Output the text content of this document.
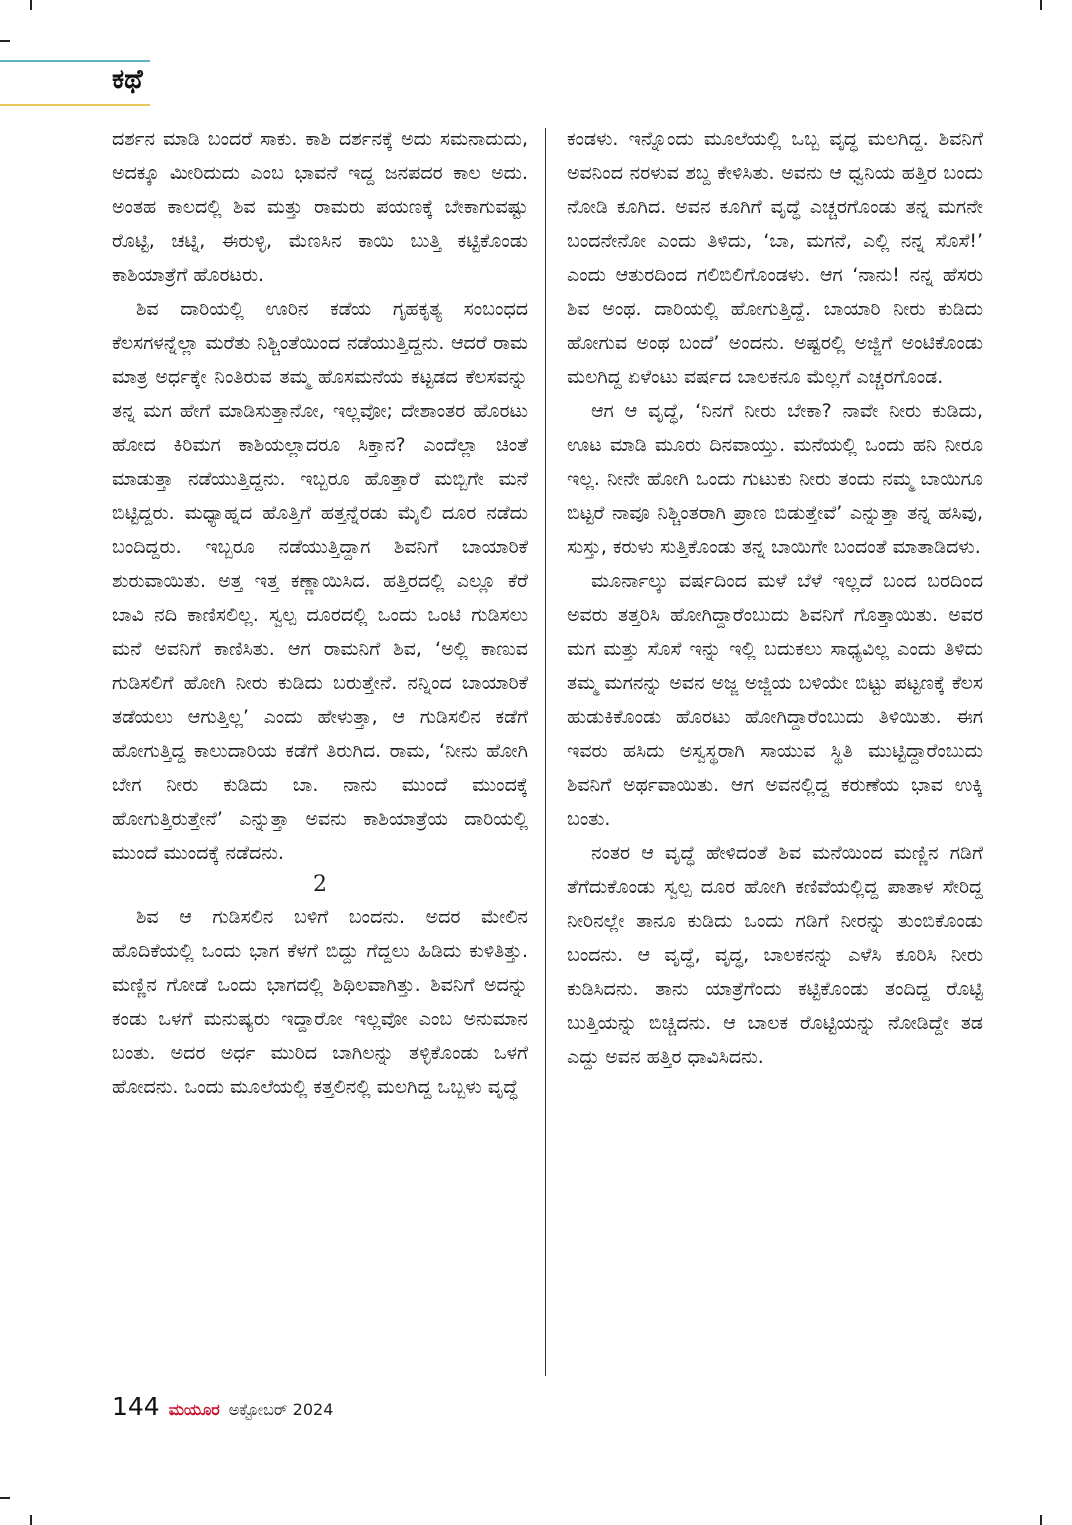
ಕಥೆ

ದರ್ಶನ ಮಾಡಿ ಬಂದರೆ ಸಾಕು. ಕಾಶಿ ದರ್ಶನಕ್ಕೆ ಅದು ಸಮನಾದುದು, ಅದಕ್ಕೂ ಮೀರಿದುದು ಎಂಬ ಭಾವನೆ ಇದ್ದ ಜನಪದರ ಕಾಲ ಅದು. ಅಂತಹ ಕಾಲದಲ್ಲಿ ಶಿವ ಮತ್ತು ರಾಮರು ಪಯಣಕ್ಕೆ ಬೇಕಾಗುವಷ್ಟು ರೊಟ್ಟಿ, ಚಟ್ನಿ, ಈರುಳ್ಳಿ, ಮೆಣಸಿನ ಕಾಯಿ ಬುತ್ತಿ ಕಟ್ಟಿಕೊಂಡು ಕಾಶಿಯಾತ್ರೆಗೆ ಹೊರಟರು.

ಶಿವ ದಾರಿಯಲ್ಲಿ ಊರಿನ ಕಡೆಯ ಗೃಹಕೃತ್ಯ ಸಂಬಂಧದ ಕೆಲಸಗಳನ್ನೆಲ್ಲಾ ಮರೆತು ನಿಶ್ಚಿಂತೆಯಿಂದ ನಡೆಯುತ್ತಿದ್ದನು. ಆದರೆ ರಾಮ ಮಾತ್ರ ಅರ್ಧಕ್ಕೇ ನಿಂತಿರುವ ತಮ್ಮ ಹೊಸಮನೆಯ ಕಟ್ಟಡದ ಕೆಲಸವನ್ನು ತನ್ನ ಮಗ ಹೇಗೆ ಮಾಡಿಸುತ್ತಾನೋ, ಇಲ್ಲವೋ; ದೇಶಾಂತರ ಹೊರಟು ಹೋದ ಕಿರಿಮಗ ಕಾಶಿಯಲ್ಲಾದರೂ ಸಿಕ್ತಾನ? ಎಂದೆಲ್ಲಾ ಚಿಂತೆ ಮಾಡುತ್ತಾ ನಡೆಯುತ್ತಿದ್ದನು. ಇಬ್ಬರೂ ಹೊತ್ತಾರೆ ಮಬ್ಬಿಗೇ ಮನೆ ಬಿಟ್ಟಿದ್ದರು. ಮಧ್ಯಾಹ್ನದ ಹೊತ್ತಿಗೆ ಹತ್ತನ್ನೆರಡು ಮೈಲಿ ದೂರ ನಡೆದು ಬಂದಿದ್ದರು. ಇಬ್ಬರೂ ನಡೆಯುತ್ತಿದ್ದಾಗ ಶಿವನಿಗೆ ಬಾಯಾರಿಕೆ ಶುರುವಾಯಿತು. ಅತ್ತ ಇತ್ತ ಕಣ್ಣಾಯಿಸಿದ. ಹತ್ತಿರದಲ್ಲಿ ಎಲ್ಲೂ ಕೆರೆ ಬಾವಿ ನದಿ ಕಾಣಿಸಲಿಲ್ಲ. ಸ್ವಲ್ಪ ದೂರದಲ್ಲಿ ಒಂದು ಒಂಟಿ ಗುಡಿಸಲು ಮನೆ ಅವನಿಗೆ ಕಾಣಿಸಿತು. ಆಗ ರಾಮನಿಗೆ ಶಿವ, ‘ಅಲ್ಲಿ ಕಾಣುವ ಗುಡಿಸಲಿಗೆ ಹೋಗಿ ನೀರು ಕುಡಿದು ಬರುತ್ತೇನೆ. ನನ್ನಿಂದ ಬಾಯಾರಿಕೆ ತಡೆಯಲು ಆಗುತ್ತಿಲ್ಲ’ ಎಂದು ಹೇಳುತ್ತಾ, ಆ ಗುಡಿಸಲಿನ ಕಡೆಗೆ ಹೋಗುತ್ತಿದ್ದ ಕಾಲುದಾರಿಯ ಕಡೆಗೆ ತಿರುಗಿದ. ರಾಮ, ‘ನೀನು ಹೋಗಿ ಬೇಗ ನೀರು ಕುಡಿದು ಬಾ. ನಾನು ಮುಂದೆ ಮುಂದಕ್ಕೆ ಹೋಗುತ್ತಿರುತ್ತೇನೆ’ ಎನ್ನುತ್ತಾ ಅವನು ಕಾಶಿಯಾತ್ರೆಯ ದಾರಿಯಲ್ಲಿ ಮುಂದೆ ಮುಂದಕ್ಕೆ ನಡೆದನು.

2

ಶಿವ ಆ ಗುಡಿಸಲಿನ ಬಳಿಗೆ ಬಂದನು. ಅದರ ಮೇಲಿನ ಹೊದಿಕೆಯಲ್ಲಿ ಒಂದು ಭಾಗ ಕೆಳಗೆ ಬಿದ್ದು ಗೆದ್ದಲು ಹಿಡಿದು ಕುಳಿತಿತ್ತು. ಮಣ್ಣಿನ ಗೋಡೆ ಒಂದು ಭಾಗದಲ್ಲಿ ಶಿಥಿಲವಾಗಿತ್ತು. ಶಿವನಿಗೆ ಅದನ್ನು ಕಂಡು ಒಳಗೆ ಮನುಷ್ಯರು ಇದ್ದಾರೋ ಇಲ್ಲವೋ ಎಂಬ ಅನುಮಾನ ಬಂತು. ಅದರ ಅರ್ಧ ಮುರಿದ ಬಾಗಿಲನ್ನು ತಳ್ಳಿಕೊಂಡು ಒಳಗೆ ಹೋದನು. ಒಂದು ಮೂಲೆಯಲ್ಲಿ ಕತ್ತಲಿನಲ್ಲಿ ಮಲಗಿದ್ದ ಒಬ್ಬಳು ವೃದ್ಧೆ

ಕಂಡಳು. ಇನ್ನೊಂದು ಮೂಲೆಯಲ್ಲಿ ಒಬ್ಬ ವೃದ್ಧ ಮಲಗಿದ್ದ. ಶಿವನಿಗೆ ಅವನಿಂದ ನರಳುವ ಶಬ್ದ ಕೇಳಿಸಿತು. ಅವನು ಆ ಧ್ವನಿಯ ಹತ್ತಿರ ಬಂದು ನೋಡಿ ಕೂಗಿದ. ಅವನ ಕೂಗಿಗೆ ವೃದ್ಧೆ ಎಚ್ಚರಗೊಂಡು ತನ್ನ ಮಗನೇ ಬಂದನೇನೋ ಎಂದು ತಿಳಿದು, ‘ಬಾ, ಮಗನೆ, ಎಲ್ಲಿ ನನ್ನ ಸೊಸೆ!’ ಎಂದು ಆತುರದಿಂದ ಗಲಿಬಿಲಿಗೊಂಡಳು. ಆಗ ‘ನಾನು! ನನ್ನ ಹೆಸರು ಶಿವ ಅಂಥ. ದಾರಿಯಲ್ಲಿ ಹೋಗುತ್ತಿದ್ದೆ. ಬಾಯಾರಿ ನೀರು ಕುಡಿದು ಹೋಗುವ ಅಂಥ ಬಂದೆ’ ಅಂದನು. ಅಷ್ಟರಲ್ಲಿ ಅಜ್ಜಿಗೆ ಅಂಟಿಕೊಂಡು ಮಲಗಿದ್ದ ಏಳೆಂಟು ವರ್ಷದ ಬಾಲಕನೂ ಮೆಲ್ಲಗೆ ಎಚ್ಚರಗೊಂಡ.

ಆಗ ಆ ವೃದ್ಧೆ, ‘ನಿನಗೆ ನೀರು ಬೇಕಾ? ನಾವೇ ನೀರು ಕುಡಿದು, ಊಟ ಮಾಡಿ ಮೂರು ದಿನವಾಯ್ತು. ಮನೆಯಲ್ಲಿ ಒಂದು ಹನಿ ನೀರೂ ಇಲ್ಲ. ನೀನೇ ಹೋಗಿ ಒಂದು ಗುಟುಕು ನೀರು ತಂದು ನಮ್ಮ ಬಾಯಿಗೂ ಬಿಟ್ಟರೆ ನಾವೂ ನಿಶ್ಚಿಂತರಾಗಿ ಪ್ರಾಣ ಬಿಡುತ್ತೇವೆ’ ಎನ್ನುತ್ತಾ ತನ್ನ ಹಸಿವು, ಸುಸ್ತು, ಕರುಳು ಸುತ್ತಿಕೊಂಡು ತನ್ನ ಬಾಯಿಗೇ ಬಂದಂತೆ ಮಾತಾಡಿದಳು.

ಮೂರ್ನಾಲ್ಕು ವರ್ಷದಿಂದ ಮಳೆ ಬೆಳೆ ಇಲ್ಲದೆ ಬಂದ ಬರದಿಂದ ಅವರು ತತ್ತರಿಸಿ ಹೋಗಿದ್ದಾರೆಂಬುದು ಶಿವನಿಗೆ ಗೊತ್ತಾಯಿತು. ಅವರ ಮಗ ಮತ್ತು ಸೊಸೆ ಇನ್ನು ಇಲ್ಲಿ ಬದುಕಲು ಸಾಧ್ಯವಿಲ್ಲ ಎಂದು ತಿಳಿದು ತಮ್ಮ ಮಗನನ್ನು ಅವನ ಅಜ್ಜ ಅಜ್ಜಿಯ ಬಳಿಯೇ ಬಿಟ್ಟು ಪಟ್ಟಣಕ್ಕೆ ಕೆಲಸ ಹುಡುಕಿಕೊಂಡು ಹೊರಟು ಹೋಗಿದ್ದಾರೆಂಬುದು ತಿಳಿಯಿತು. ಈಗ ಇವರು ಹಸಿದು ಅಸ್ವಸ್ಥರಾಗಿ ಸಾಯುವ ಸ್ಥಿತಿ ಮುಟ್ಟಿದ್ದಾರೆಂಬುದು ಶಿವನಿಗೆ ಅರ್ಥವಾಯಿತು. ಆಗ ಅವನಲ್ಲಿದ್ದ ಕರುಣೆಯ ಭಾವ ಉಕ್ಕಿ ಬಂತು.

ನಂತರ ಆ ವೃದ್ಧೆ ಹೇಳಿದಂತೆ ಶಿವ ಮನೆಯಿಂದ ಮಣ್ಣಿನ ಗಡಿಗೆ ತೆಗೆದುಕೊಂಡು ಸ್ವಲ್ಪ ದೂರ ಹೋಗಿ ಕಣಿವೆಯಲ್ಲಿದ್ದ ಪಾತಾಳ ಸೇರಿದ್ದ ನೀರಿನಲ್ಲೇ ತಾನೂ ಕುಡಿದು ಒಂದು ಗಡಿಗೆ ನೀರನ್ನು ತುಂಬಿಕೊಂಡು ಬಂದನು. ಆ ವೃದ್ಧೆ, ವೃದ್ಧ, ಬಾಲಕನನ್ನು ಎಳೆಸಿ ಕೂರಿಸಿ ನೀರು ಕುಡಿಸಿದನು. ತಾನು ಯಾತ್ರೆಗೆಂದು ಕಟ್ಟಿಕೊಂಡು ತಂದಿದ್ದ ರೊಟ್ಟಿ ಬುತ್ತಿಯನ್ನು ಬಿಚ್ಚಿದನು. ಆ ಬಾಲಕ ರೊಟ್ಟಿಯನ್ನು ನೋಡಿದ್ದೇ ತಡ ಎದ್ದು ಅವನ ಹತ್ತಿರ ಧಾವಿಸಿದನು.

144 ಮಯೂರ ಅಕ್ಟೋಬರ್ 2024
